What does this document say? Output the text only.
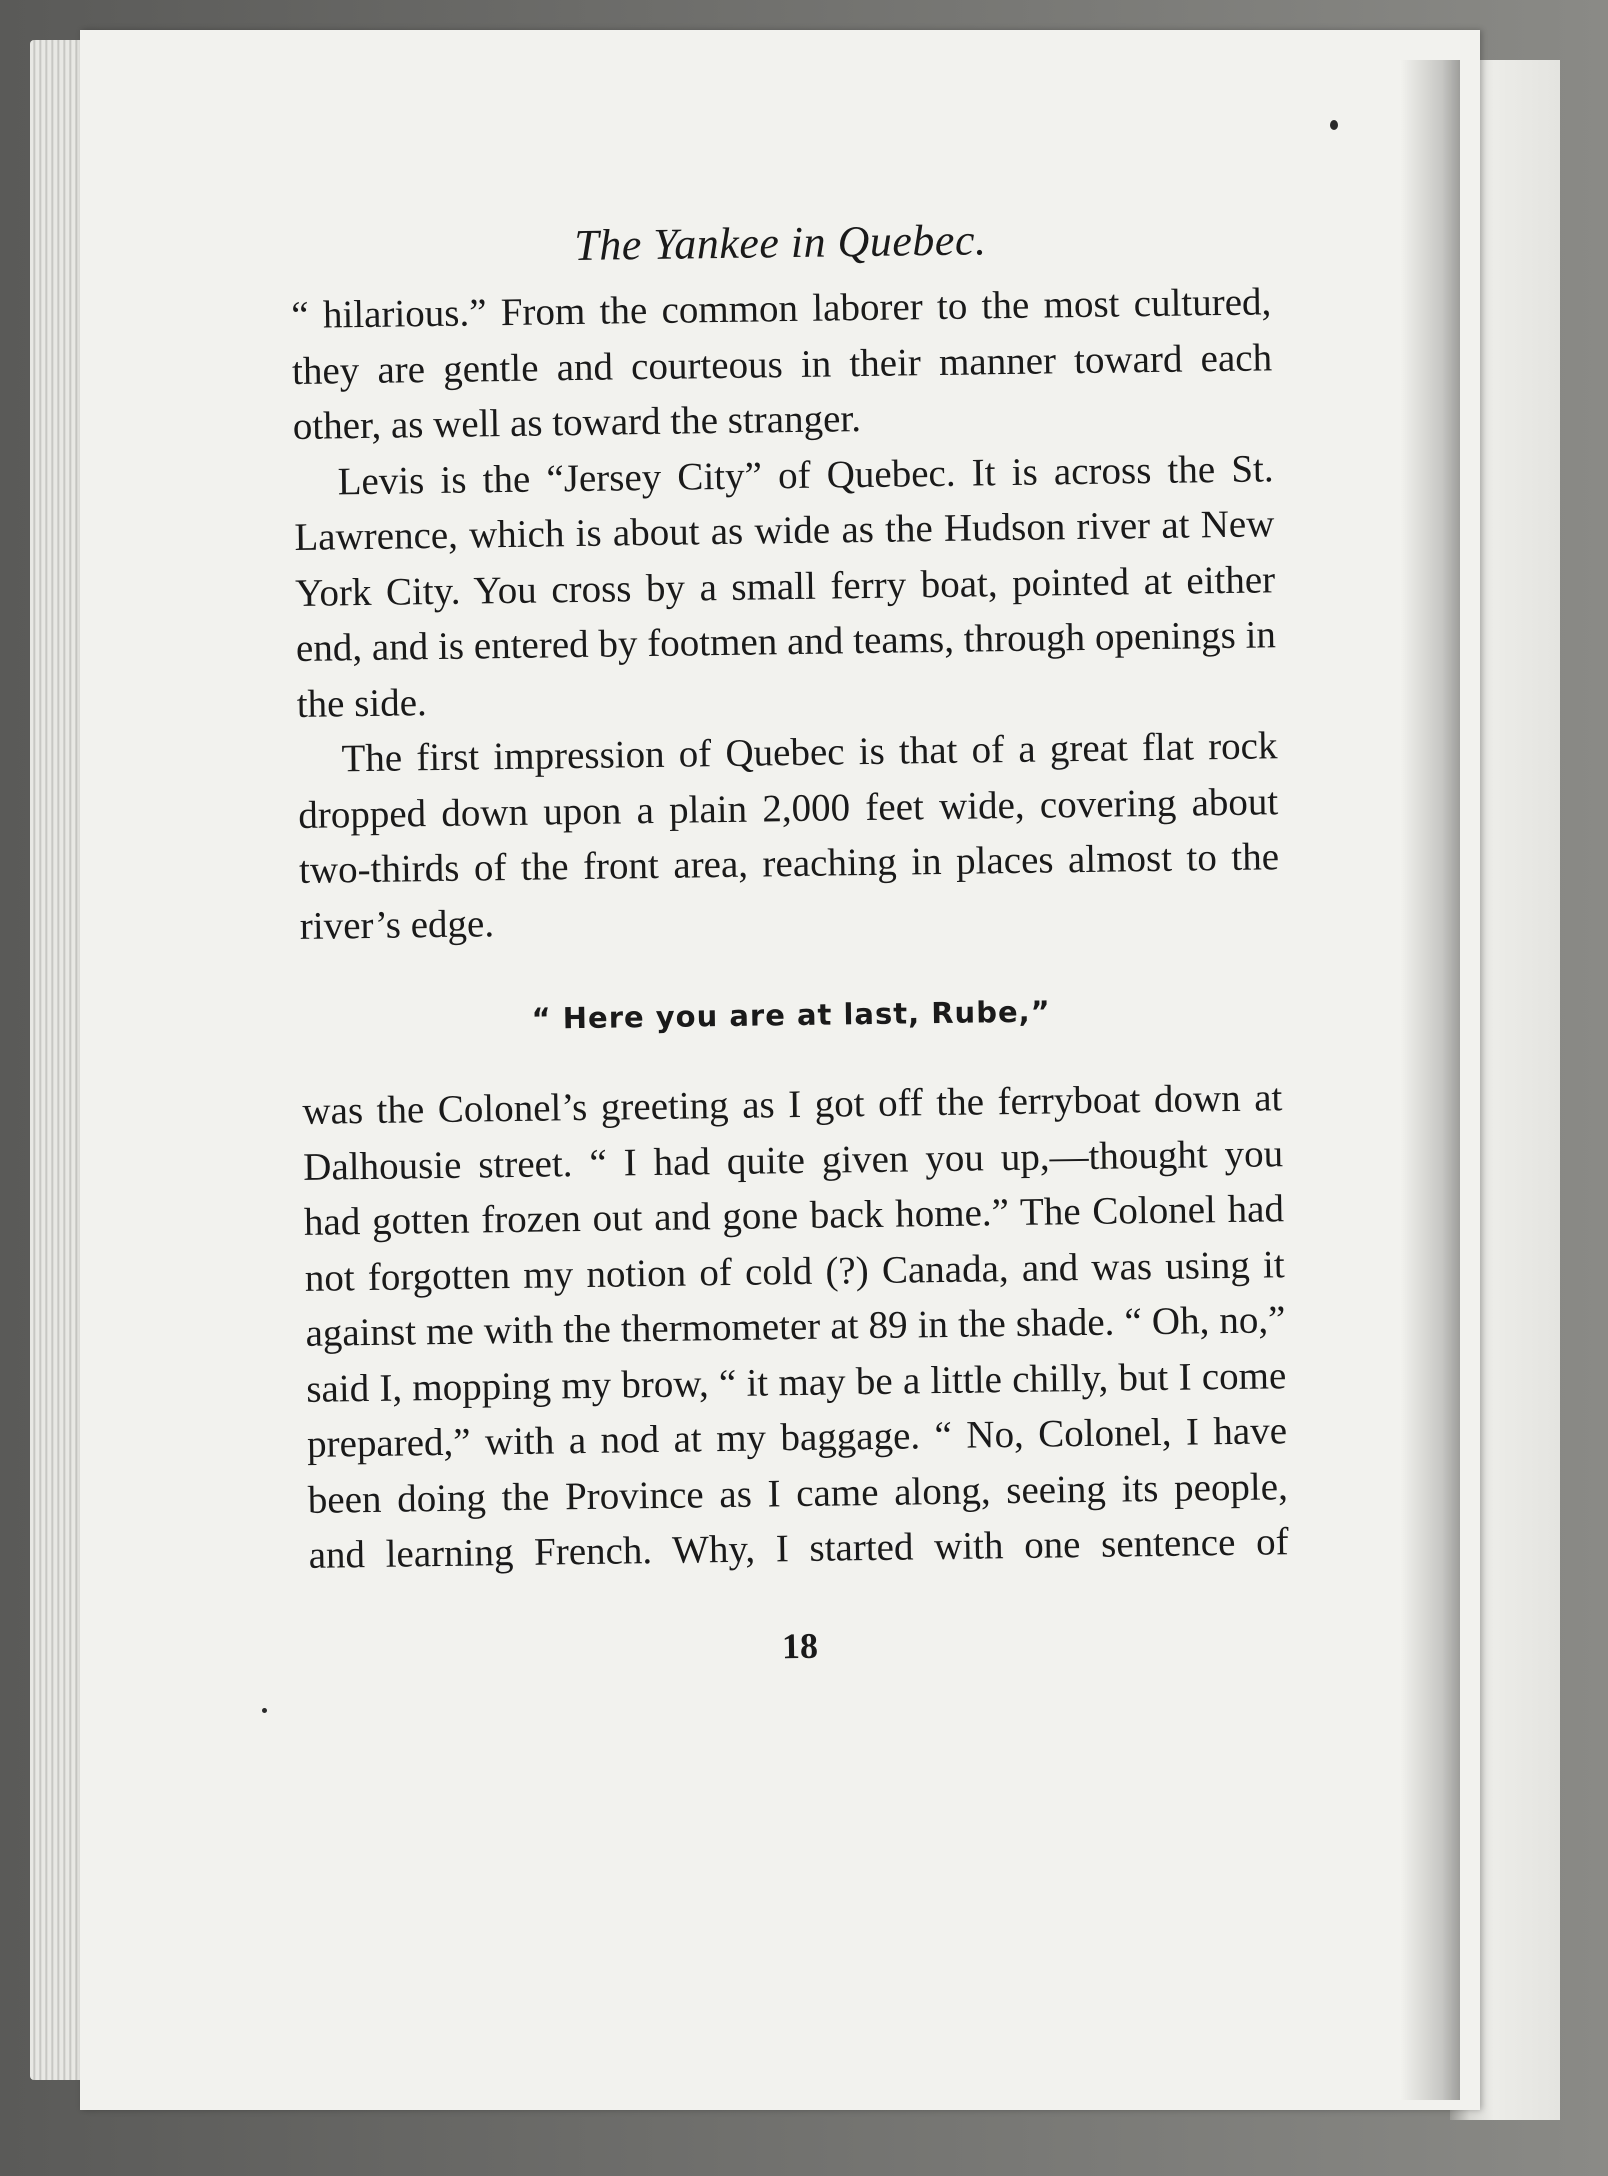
The Yankee in Quebec.

“ hilarious.” From the common laborer to the most cultured, they are gentle and courteous in their manner toward each other, as well as toward the stranger.

Levis is the “Jersey City” of Quebec. It is across the St. Lawrence, which is about as wide as the Hudson river at New York City. You cross by a small ferry boat, pointed at either end, and is entered by footmen and teams, through openings in the side.

The first impression of Quebec is that of a great flat rock dropped down upon a plain 2,000 feet wide, covering about two-thirds of the front area, reaching in places almost to the river’s edge.

“ Here you are at last, Rube,”

was the Colonel’s greeting as I got off the ferryboat down at Dalhousie street. “ I had quite given you up,—thought you had gotten frozen out and gone back home.” The Colonel had not forgotten my notion of cold (?) Canada, and was using it against me with the thermometer at 89 in the shade. “ Oh, no,” said I, mopping my brow, “ it may be a little chilly, but I come prepared,” with a nod at my baggage. “ No, Colonel, I have been doing the Province as I came along, seeing its people, and learning French. Why, I started with one sentence of

18
